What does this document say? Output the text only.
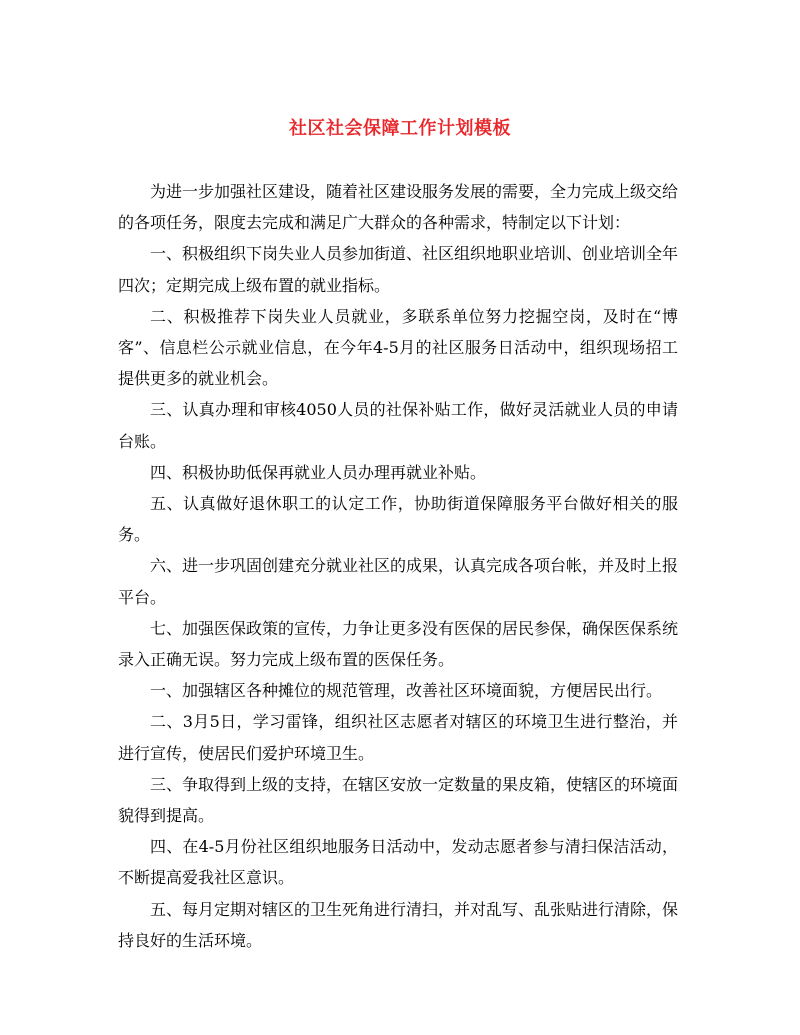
社区社会保障工作计划模板

为进一步加强社区建设，随着社区建设服务发展的需要，全力完成上级交给的各项任务，限度去完成和满足广大群众的各种需求，特制定以下计划：

一、积极组织下岗失业人员参加街道、社区组织地职业培训、创业培训全年四次；定期完成上级布置的就业指标。

二、积极推荐下岗失业人员就业，多联系单位努力挖掘空岗，及时在“博客”、信息栏公示就业信息，在今年4-5月的社区服务日活动中，组织现场招工提供更多的就业机会。

三、认真办理和审核4050人员的社保补贴工作，做好灵活就业人员的申请台账。

四、积极协助低保再就业人员办理再就业补贴。

五、认真做好退休职工的认定工作，协助街道保障服务平台做好相关的服务。

六、进一步巩固创建充分就业社区的成果，认真完成各项台帐，并及时上报平台。

七、加强医保政策的宣传，力争让更多没有医保的居民参保，确保医保系统录入正确无误。努力完成上级布置的医保任务。

一、加强辖区各种摊位的规范管理，改善社区环境面貌，方便居民出行。

二、3月5日，学习雷锋，组织社区志愿者对辖区的环境卫生进行整治，并进行宣传，使居民们爱护环境卫生。

三、争取得到上级的支持，在辖区安放一定数量的果皮箱，使辖区的环境面貌得到提高。

四、在4-5月份社区组织地服务日活动中，发动志愿者参与清扫保洁活动，不断提高爱我社区意识。

五、每月定期对辖区的卫生死角进行清扫，并对乱写、乱张贴进行清除，保持良好的生活环境。
